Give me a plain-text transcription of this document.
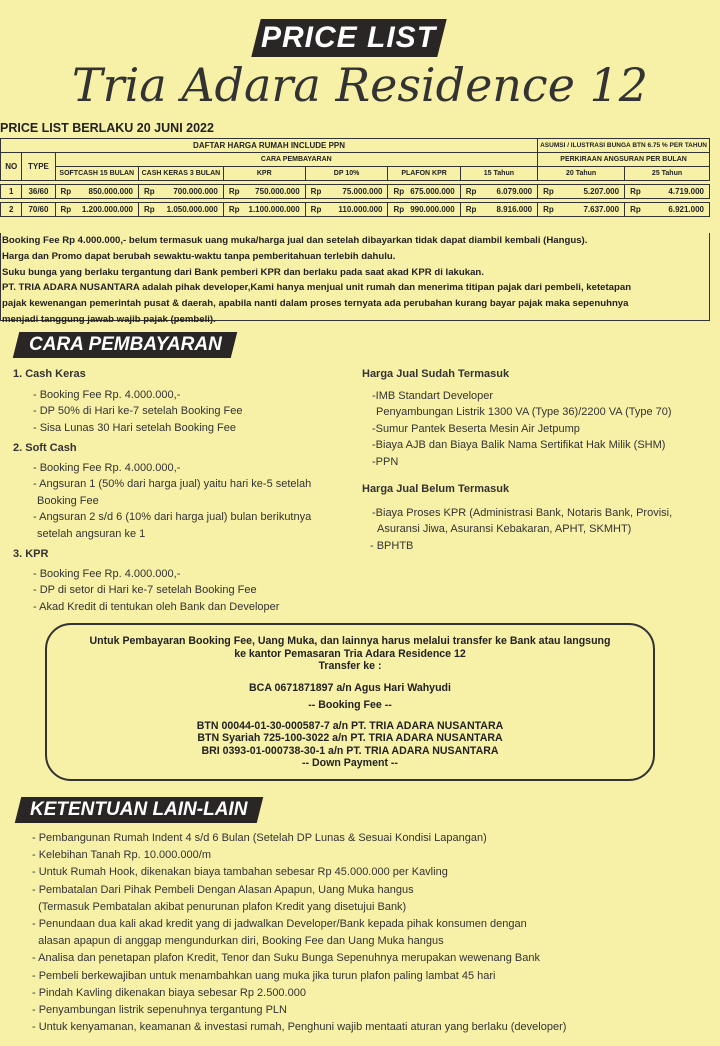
PRICE LIST
Tria Adara Residence 12
PRICE LIST BERLAKU 20 JUNI 2022
DAFTAR HARGA RUMAH INCLUDE PPN								ASUMSI / ILUSTRASI BUNGA BTN 6.75 % PER TAHUN	
NO	TYPE	CARA PEMBAYARAN						PERKIRAAN ANGSURAN PER BULAN	
		SOFTCASH 15 BULAN	CASH KERAS 3 BULAN	KPR	DP 10%	PLAFON KPR	15 Tahun	20 Tahun	25 Tahun

1	36/60	Rp 850.000.000	Rp 700.000.000	Rp 750.000.000	Rp 75.000.000	Rp 675.000.000	Rp 6.079.000	Rp 5.207.000	Rp 4.719.000

2	70/60	Rp 1.200.000.000	Rp 1.050.000.000	Rp 1.100.000.000	Rp 110.000.000	Rp 990.000.000	Rp 8.916.000	Rp 7.637.000	Rp 6.921.000
Booking Fee Rp 4.000.000,- belum termasuk uang muka/harga jual dan setelah dibayarkan tidak dapat diambil kembali (Hangus).
Harga dan Promo dapat berubah sewaktu-waktu tanpa pemberitahuan terlebih dahulu.
Suku bunga yang berlaku tergantung dari Bank pemberi KPR dan berlaku pada saat akad KPR di lakukan.
PT. TRIA ADARA NUSANTARA adalah pihak developer,Kami hanya menjual unit rumah dan menerima titipan pajak dari pembeli, ketetapan
pajak kewenangan pemerintah pusat & daerah, apabila nanti dalam proses ternyata ada perubahan kurang bayar pajak maka sepenuhnya
menjadi tanggung jawab wajib pajak (pembeli).
CARA PEMBAYARAN
1. Cash Keras
- Booking Fee Rp. 4.000.000,-
- DP 50% di Hari ke-7 setelah Booking Fee
- Sisa Lunas 30 Hari setelah Booking Fee
2. Soft Cash
- Booking Fee Rp. 4.000.000,-
- Angsuran 1 (50% dari harga jual) yaitu hari ke-5 setelah
Booking Fee
- Angsuran 2 s/d 6 (10% dari harga jual) bulan berikutnya
setelah angsuran ke 1
3. KPR
- Booking Fee Rp. 4.000.000,-
- DP di setor di Hari ke-7 setelah Booking Fee
- Akad Kredit di tentukan oleh Bank dan Developer
Harga Jual Sudah Termasuk
-IMB Standart Developer
Penyambungan Listrik 1300 VA (Type 36)/2200 VA (Type 70)
-Sumur Pantek Beserta Mesin Air Jetpump
-Biaya AJB dan Biaya Balik Nama Sertifikat Hak Milik (SHM)
-PPN
Harga Jual Belum Termasuk
-Biaya Proses KPR (Administrasi Bank, Notaris Bank, Provisi,
Asuransi Jiwa, Asuransi Kebakaran, APHT, SKMHT)
- BPHTB
Untuk Pembayaran Booking Fee, Uang Muka, dan lainnya harus melalui transfer ke Bank atau langsung
ke kantor Pemasaran Tria Adara Residence 12
Transfer ke :
BCA 0671871897 a/n Agus Hari Wahyudi
-- Booking Fee --
BTN 00044-01-30-000587-7 a/n PT. TRIA ADARA NUSANTARA
BTN Syariah 725-100-3022 a/n PT. TRIA ADARA NUSANTARA
BRI 0393-01-000738-30-1 a/n PT. TRIA ADARA NUSANTARA
-- Down Payment --
KETENTUAN LAIN-LAIN
- Pembangunan Rumah Indent 4 s/d 6 Bulan (Setelah DP Lunas & Sesuai Kondisi Lapangan)
- Kelebihan Tanah Rp. 10.000.000/m
- Untuk Rumah Hook, dikenakan biaya tambahan sebesar Rp 45.000.000 per Kavling
- Pembatalan Dari Pihak Pembeli Dengan Alasan Apapun, Uang Muka hangus
(Termasuk Pembatalan akibat penurunan plafon Kredit yang disetujui Bank)
- Penundaan dua kali akad kredit yang di jadwalkan Developer/Bank kepada pihak konsumen dengan
alasan apapun di anggap mengundurkan diri, Booking Fee dan Uang Muka hangus
- Analisa dan penetapan plafon Kredit, Tenor dan Suku Bunga Sepenuhnya merupakan wewenang Bank
- Pembeli berkewajiban untuk menambahkan uang muka jika turun plafon paling lambat 45 hari
- Pindah Kavling dikenakan biaya sebesar Rp 2.500.000
- Penyambungan listrik sepenuhnya tergantung PLN
- Untuk kenyamanan, keamanan & investasi rumah, Penghuni wajib mentaati aturan yang berlaku (developer)
